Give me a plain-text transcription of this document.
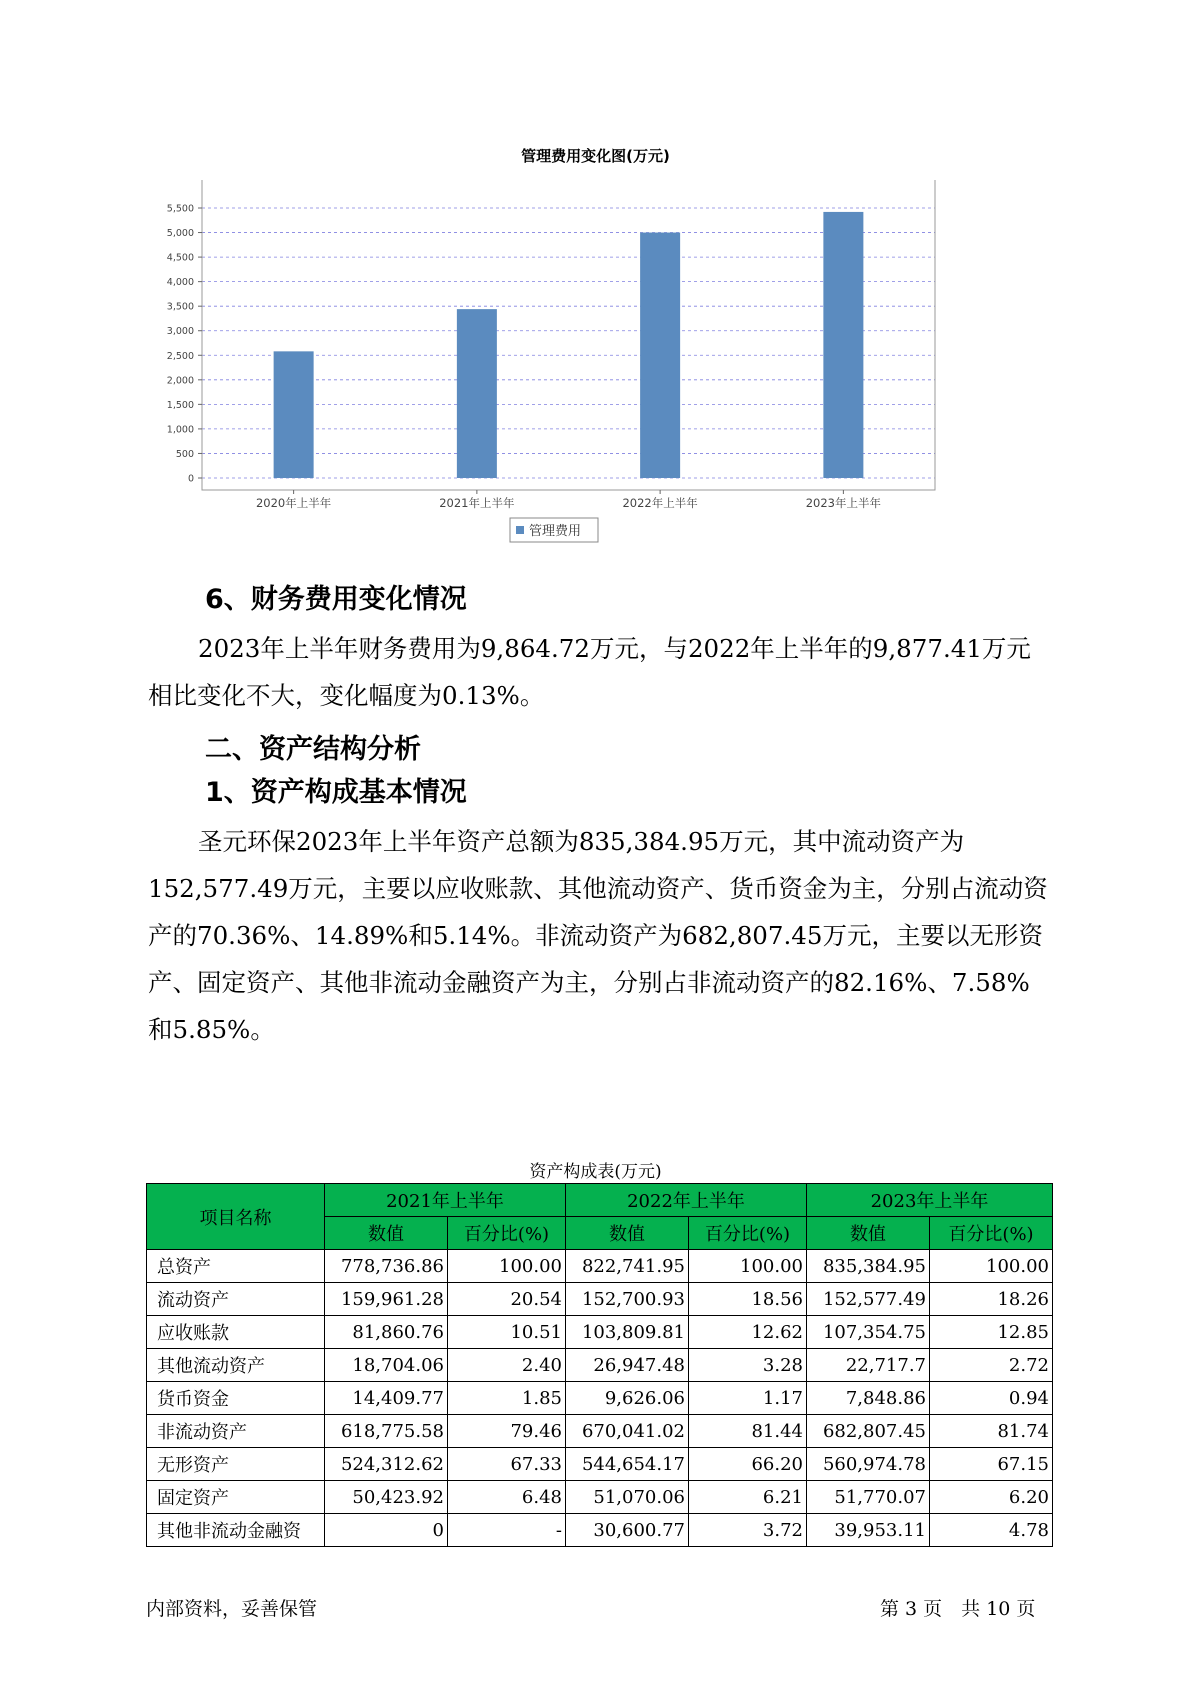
管理费用变化图(万元)
0
500
1,000
1,500
2,000
2,500
3,000
3,500
4,000
4,500
5,000
5,500
2020年上半年	2021年上半年	2022年上半年	2023年上半年
管理费用
6、财务费用变化情况

2023年上半年财务费用为9,864.72万元，与2022年上半年的9,877.41万元相比变化不大，变化幅度为0.13%。

二、资产结构分析
1、资产构成基本情况

圣元环保2023年上半年资产总额为835,384.95万元，其中流动资产为152,577.49万元，主要以应收账款、其他流动资产、货币资金为主，分别占流动资产的70.36%、14.89%和5.14%。非流动资产为682,807.45万元，主要以无形资产、固定资产、其他非流动金融资产为主，分别占非流动资产的82.16%、7.58%和5.85%。

资产构成表(万元)
项目名称	2021年上半年		2022年上半年		2023年上半年	
	数值	百分比(%)	数值	百分比(%)	数值	百分比(%)
总资产	778,736.86	100.00	822,741.95	100.00	835,384.95	100.00
流动资产	159,961.28	20.54	152,700.93	18.56	152,577.49	18.26
应收账款	81,860.76	10.51	103,809.81	12.62	107,354.75	12.85
其他流动资产	18,704.06	2.40	26,947.48	3.28	22,717.7	2.72
货币资金	14,409.77	1.85	9,626.06	1.17	7,848.86	0.94
非流动资产	618,775.58	79.46	670,041.02	81.44	682,807.45	81.74
无形资产	524,312.62	67.33	544,654.17	66.20	560,974.78	67.15
固定资产	50,423.92	6.48	51,070.06	6.21	51,770.07	6.20
其他非流动金融资	0	-	30,600.77	3.72	39,953.11	4.78
内部资料，妥善保管	第 3 页　共 10 页
